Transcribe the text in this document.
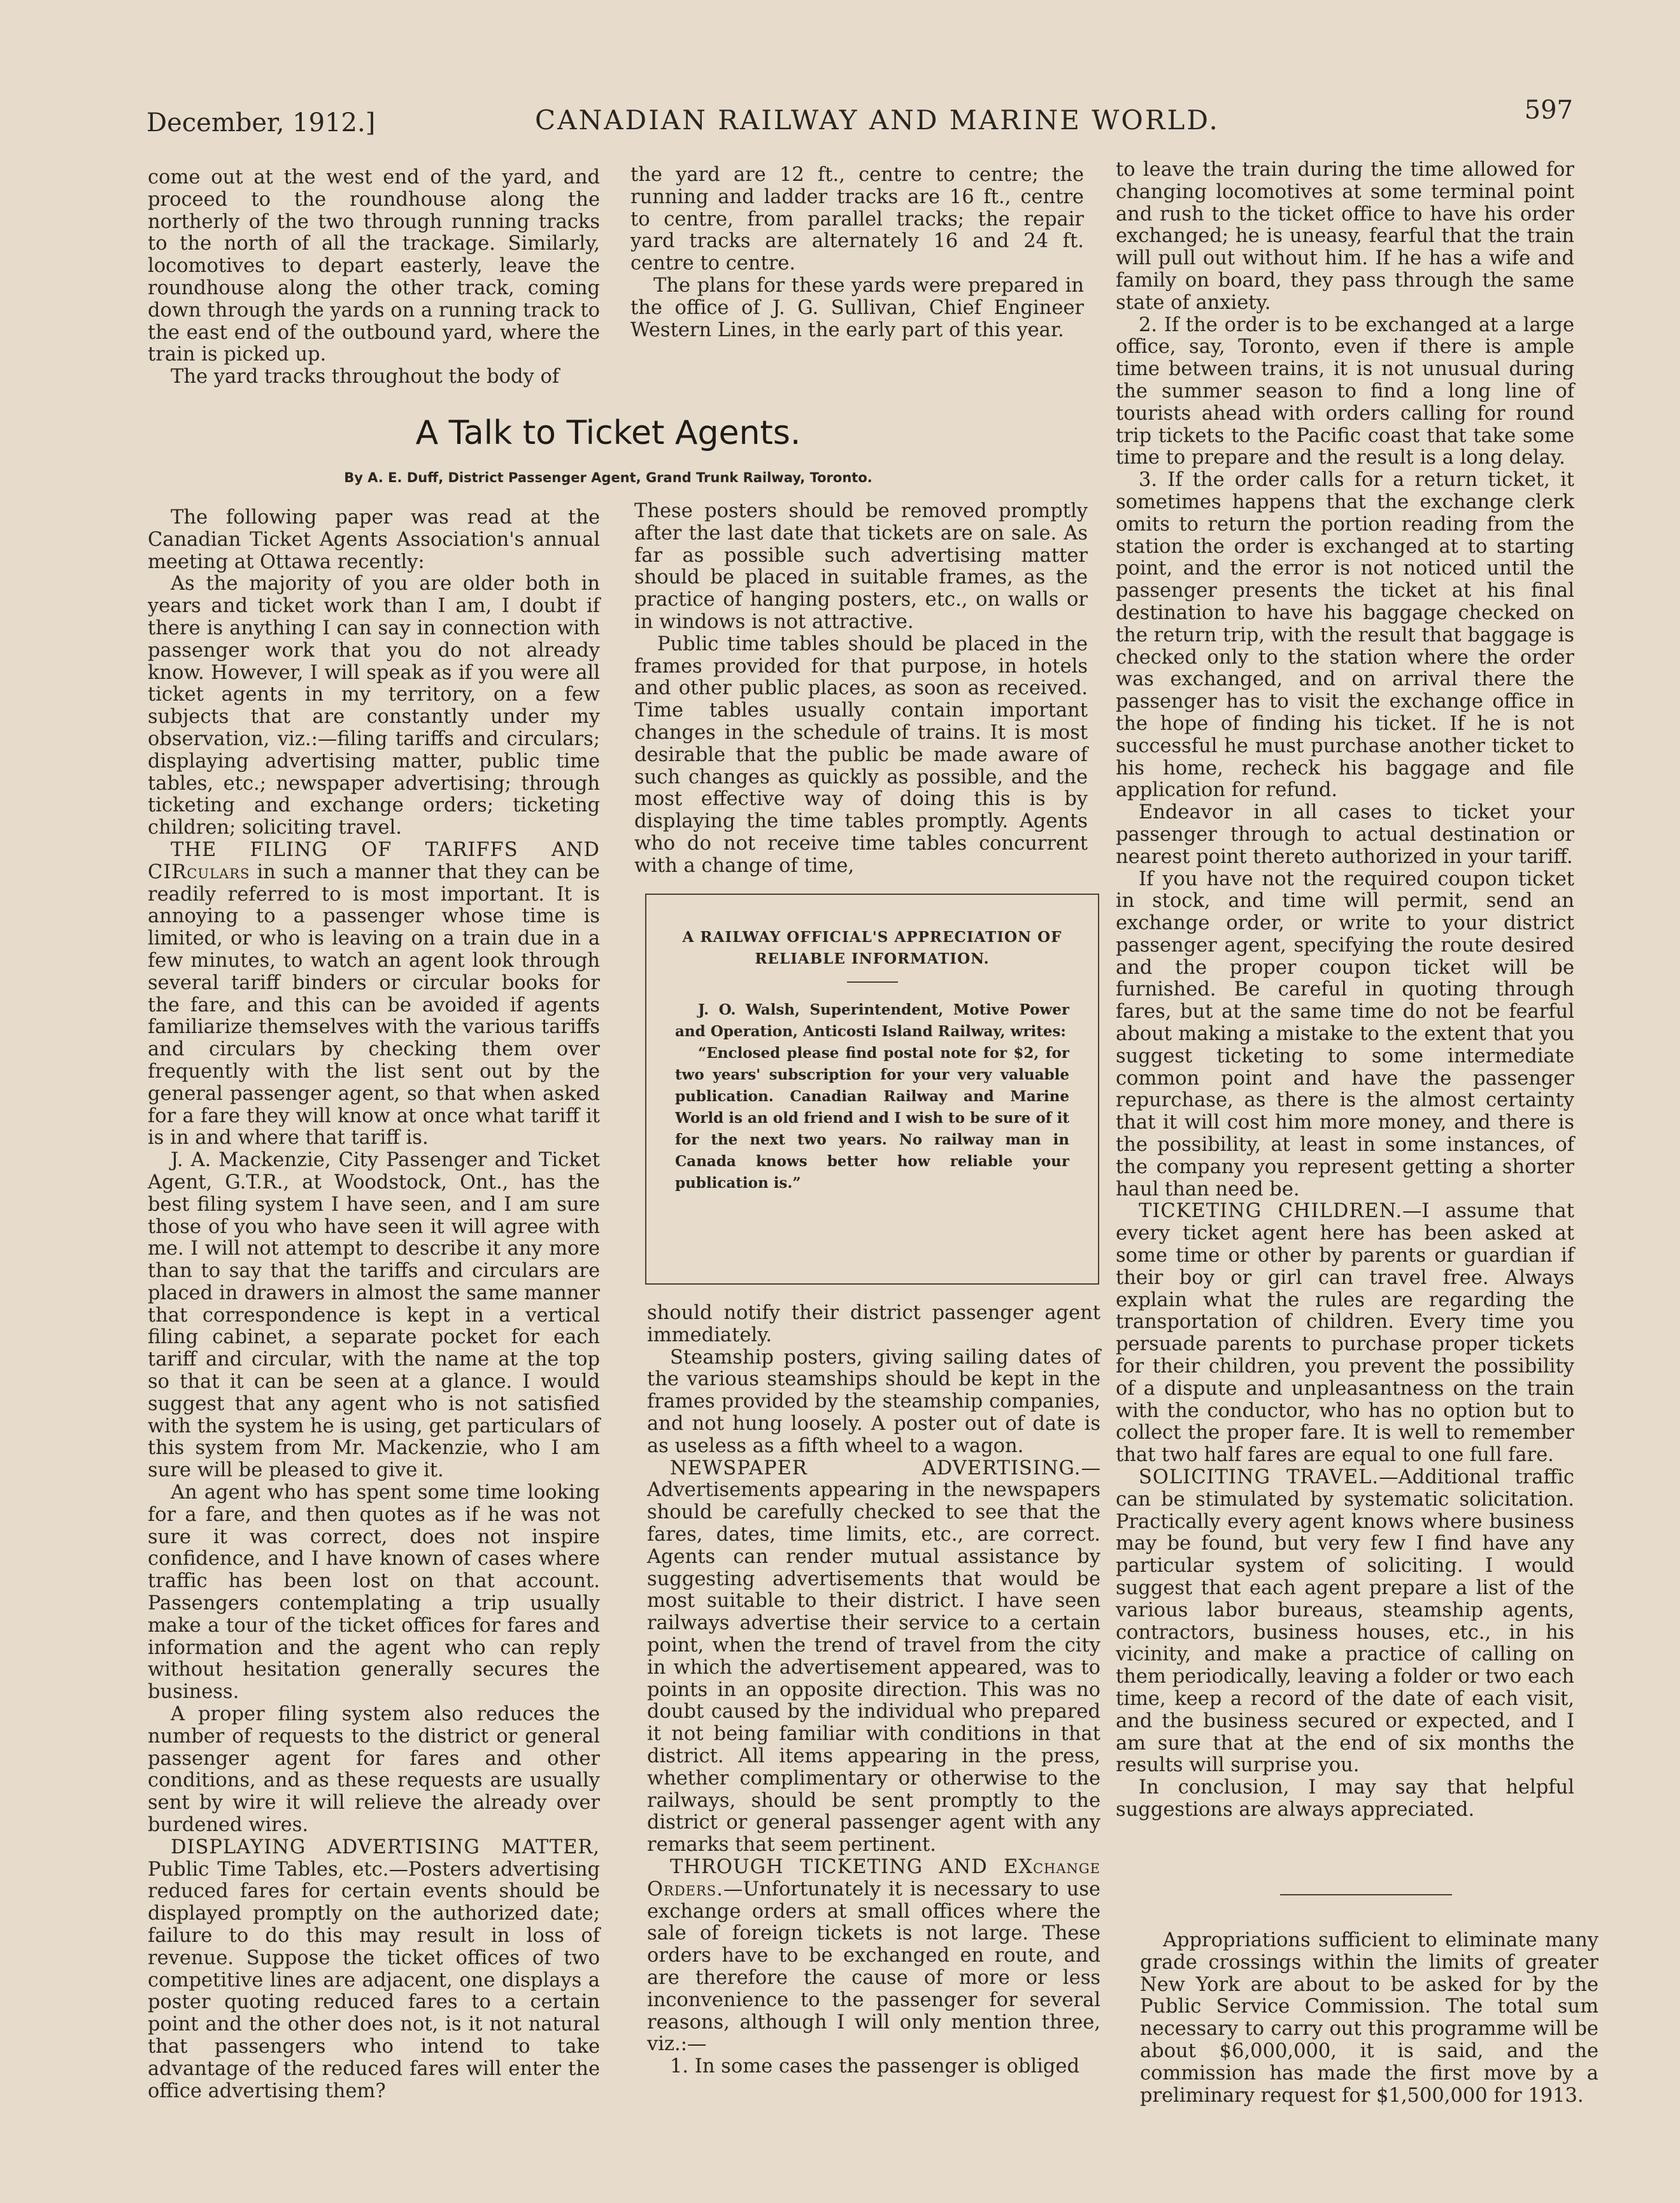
December, 1912.]	CANADIAN RAILWAY AND MARINE WORLD.	597

come out at the west end of the yard, and proceed to the roundhouse along the northerly of the two through running tracks to the north of all the trackage. Similarly, locomotives to depart easterly, leave the roundhouse along the other track, coming down through the yards on a running track to the east end of the outbound yard, where the train is picked up.

The yard tracks throughout the body of

the yard are 12 ft., centre to centre; the running and ladder tracks are 16 ft., centre to centre, from parallel tracks; the repair yard tracks are alternately 16 and 24 ft. centre to centre.

The plans for these yards were prepared in the office of J. G. Sullivan, Chief Engineer Western Lines, in the early part of this year.

A Talk to Ticket Agents.
By A. E. Duff, District Passenger Agent, Grand Trunk Railway, Toronto.

The following paper was read at the Canadian Ticket Agents Association's annual meeting at Ottawa recently:

As the majority of you are older both in years and ticket work than I am, I doubt if there is anything I can say in connection with passenger work that you do not already know. However, I will speak as if you were all ticket agents in my territory, on a few subjects that are constantly under my observation, viz.:—filing tariffs and circulars; displaying advertising matter, public time tables, etc.; newspaper advertising; through ticketing and exchange orders; ticketing children; soliciting travel.

THE FILING OF TARIFFS AND CIRculars in such a manner that they can be readily referred to is most important. It is annoying to a passenger whose time is limited, or who is leaving on a train due in a few minutes, to watch an agent look through several tariff binders or circular books for the fare, and this can be avoided if agents familiarize themselves with the various tariffs and circulars by checking them over frequently with the list sent out by the general passenger agent, so that when asked for a fare they will know at once what tariff it is in and where that tariff is.

J. A. Mackenzie, City Passenger and Ticket Agent, G.T.R., at Woodstock, Ont., has the best filing system I have seen, and I am sure those of you who have seen it will agree with me. I will not attempt to describe it any more than to say that the tariffs and circulars are placed in drawers in almost the same manner that correspondence is kept in a vertical filing cabinet, a separate pocket for each tariff and circular, with the name at the top so that it can be seen at a glance. I would suggest that any agent who is not satisfied with the system he is using, get particulars of this system from Mr. Mackenzie, who I am sure will be pleased to give it.

An agent who has spent some time looking for a fare, and then quotes as if he was not sure it was correct, does not inspire confidence, and I have known of cases where traffic has been lost on that account. Passengers contemplating a trip usually make a tour of the ticket offices for fares and information and the agent who can reply without hesitation generally secures the business.

A proper filing system also reduces the number of requests to the district or general passenger agent for fares and other conditions, and as these requests are usually sent by wire it will relieve the already over burdened wires.

DISPLAYING ADVERTISING MATTER, Public Time Tables, etc.—Posters advertising reduced fares for certain events should be displayed promptly on the authorized date; failure to do this may result in loss of revenue. Suppose the ticket offices of two competitive lines are adjacent, one displays a poster quoting reduced fares to a certain point and the other does not, is it not natural that passengers who intend to take advantage of the reduced fares will enter the office advertising them?

These posters should be removed promptly after the last date that tickets are on sale. As far as possible such advertising matter should be placed in suitable frames, as the practice of hanging posters, etc., on walls or in windows is not attractive.

Public time tables should be placed in the frames provided for that purpose, in hotels and other public places, as soon as received. Time tables usually contain important changes in the schedule of trains. It is most desirable that the public be made aware of such changes as quickly as possible, and the most effective way of doing this is by displaying the time tables promptly. Agents who do not receive time tables concurrent with a change of time,

A RAILWAY OFFICIAL'S APPRECIATION OF RELIABLE INFORMATION.

J. O. Walsh, Superintendent, Motive Power and Operation, Anticosti Island Railway, writes:

“Enclosed please find postal note for $2, for two years' subscription for your very valuable publication. Canadian Railway and Marine World is an old friend and I wish to be sure of it for the next two years. No railway man in Canada knows better how reliable your publication is.”

should notify their district passenger agent immediately.

Steamship posters, giving sailing dates of the various steamships should be kept in the frames provided by the steamship companies, and not hung loosely. A poster out of date is as useless as a fifth wheel to a wagon.

NEWSPAPER ADVERTISING.—Advertisements appearing in the newspapers should be carefully checked to see that the fares, dates, time limits, etc., are correct. Agents can render mutual assistance by suggesting advertisements that would be most suitable to their district. I have seen railways advertise their service to a certain point, when the trend of travel from the city in which the advertisement appeared, was to points in an opposite direction. This was no doubt caused by the individual who prepared it not being familiar with conditions in that district. All items appearing in the press, whether complimentary or otherwise to the railways, should be sent promptly to the district or general passenger agent with any remarks that seem pertinent.

THROUGH TICKETING AND EXchange Orders.—Unfortunately it is necessary to use exchange orders at small offices where the sale of foreign tickets is not large. These orders have to be exchanged en route, and are therefore the cause of more or less inconvenience to the passenger for several reasons, although I will only mention three, viz.:—

1. In some cases the passenger is obliged

to leave the train during the time allowed for changing locomotives at some terminal point and rush to the ticket office to have his order exchanged; he is uneasy, fearful that the train will pull out without him. If he has a wife and family on board, they pass through the same state of anxiety.

2. If the order is to be exchanged at a large office, say, Toronto, even if there is ample time between trains, it is not unusual during the summer season to find a long line of tourists ahead with orders calling for round trip tickets to the Pacific coast that take some time to prepare and the result is a long delay.

3. If the order calls for a return ticket, it sometimes happens that the exchange clerk omits to return the portion reading from the station the order is exchanged at to starting point, and the error is not noticed until the passenger presents the ticket at his final destination to have his baggage checked on the return trip, with the result that baggage is checked only to the station where the order was exchanged, and on arrival there the passenger has to visit the exchange office in the hope of finding his ticket. If he is not successful he must purchase another ticket to his home, recheck his baggage and file application for refund.

Endeavor in all cases to ticket your passenger through to actual destination or nearest point thereto authorized in your tariff.

If you have not the required coupon ticket in stock, and time will permit, send an exchange order, or write to your district passenger agent, specifying the route desired and the proper coupon ticket will be furnished. Be careful in quoting through fares, but at the same time do not be fearful about making a mistake to the extent that you suggest ticketing to some intermediate common point and have the passenger repurchase, as there is the almost certainty that it will cost him more money, and there is the possibility, at least in some instances, of the company you represent getting a shorter haul than need be.

TICKETING CHILDREN.—I assume that every ticket agent here has been asked at some time or other by parents or guardian if their boy or girl can travel free. Always explain what the rules are regarding the transportation of children. Every time you persuade parents to purchase proper tickets for their children, you prevent the possibility of a dispute and unpleasantness on the train with the conductor, who has no option but to collect the proper fare. It is well to remember that two half fares are equal to one full fare.

SOLICITING TRAVEL.—Additional traffic can be stimulated by systematic solicitation. Practically every agent knows where business may be found, but very few I find have any particular system of soliciting. I would suggest that each agent prepare a list of the various labor bureaus, steamship agents, contractors, business houses, etc., in his vicinity, and make a practice of calling on them periodically, leaving a folder or two each time, keep a record of the date of each visit, and the business secured or expected, and I am sure that at the end of six months the results will surprise you.

In conclusion, I may say that helpful suggestions are always appreciated.

Appropriations sufficient to eliminate many grade crossings within the limits of greater New York are about to be asked for by the Public Service Commission. The total sum necessary to carry out this programme will be about $6,000,000, it is said, and the commission has made the first move by a preliminary request for $1,500,000 for 1913.
